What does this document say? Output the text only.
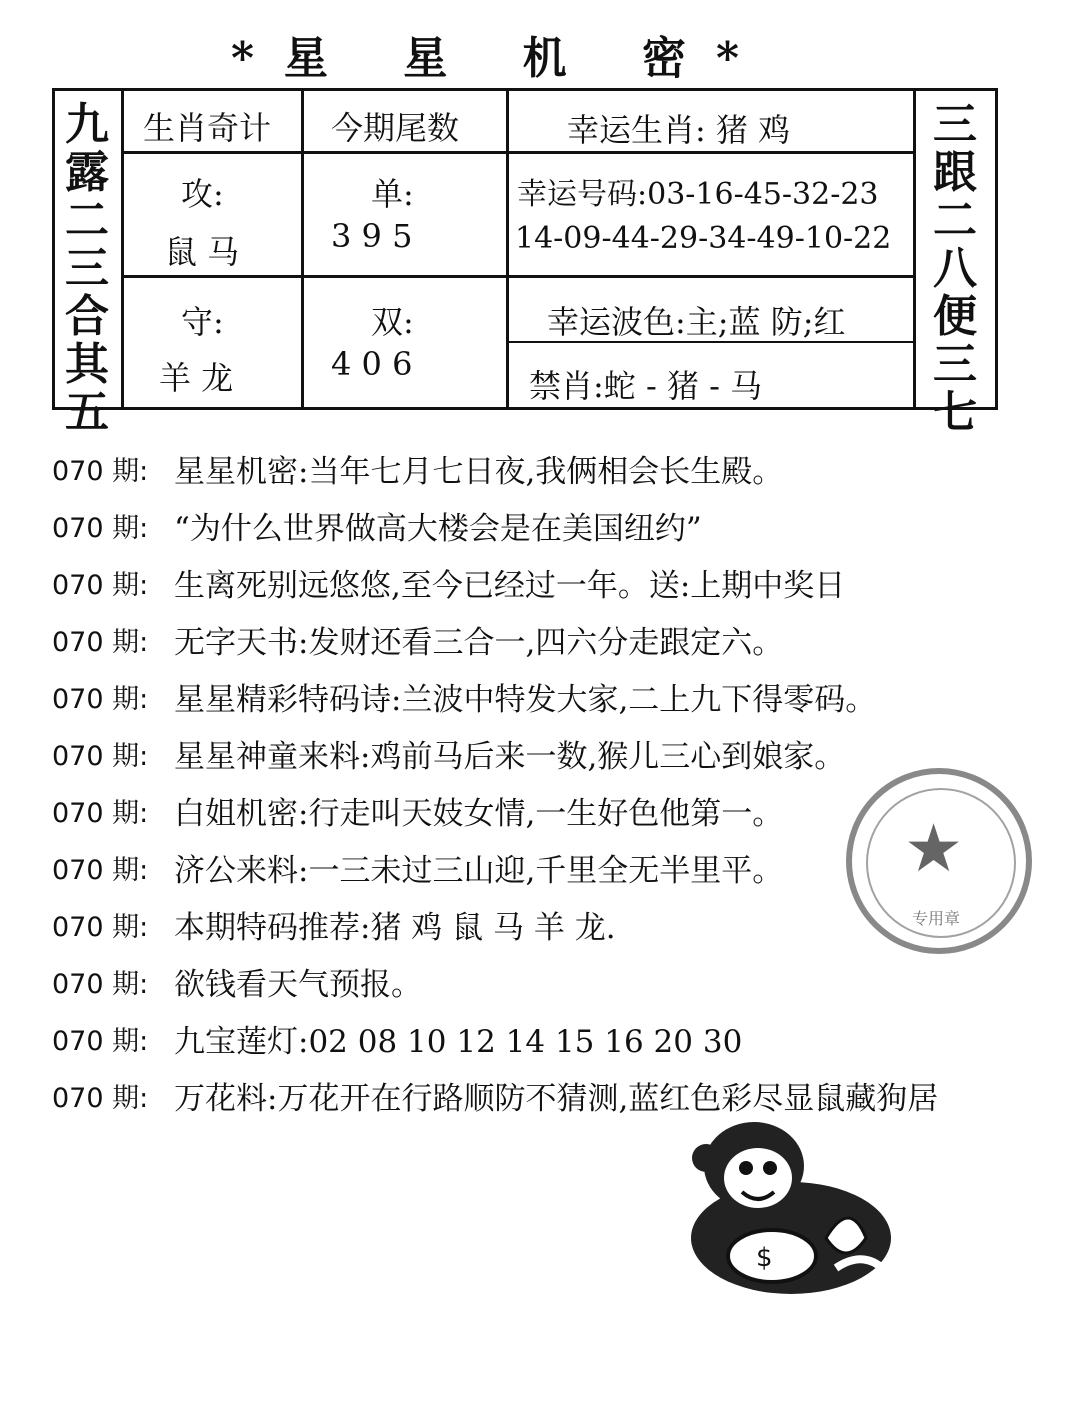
*星 星 机 密*
九
露
二
三
合
其
五
三
跟
二
八
便
三
七
生肖奇计 今期尾数	幸运生肖: 猪 鸡
攻:
鼠 马
单:
3 9 5
幸运号码:03-16-45-32-23
14-09-44-29-34-49-10-22
守:
羊 龙
双:
4 0 6
幸运波色:主;蓝 防;红
禁肖:蛇 - 猪 - 马
070 期: 星星机密:当年七月七日夜,我俩相会长生殿。
070 期: “为什么世界做高大楼会是在美国纽约”
070 期: 生离死别远悠悠,至今已经过一年。送:上期中奖日
070 期: 无字天书:发财还看三合一,四六分走跟定六。
070 期: 星星精彩特码诗:兰波中特发大家,二上九下得零码。
070 期: 星星神童来料:鸡前马后来一数,猴儿三心到娘家。
070 期: 白姐机密:行走叫天妓女情,一生好色他第一。
070 期: 济公来料:一三未过三山迎,千里全无半里平。
070 期: 本期特码推荐:猪 鸡 鼠 马 羊 龙.
070 期: 欲钱看天气预报。
070 期: 九宝莲灯:02 08 10 12 14 15 16 20 30
070 期: 万花料:万花开在行路顺防不猜测,蓝红色彩尽显鼠藏狗居
★
专用章
$
